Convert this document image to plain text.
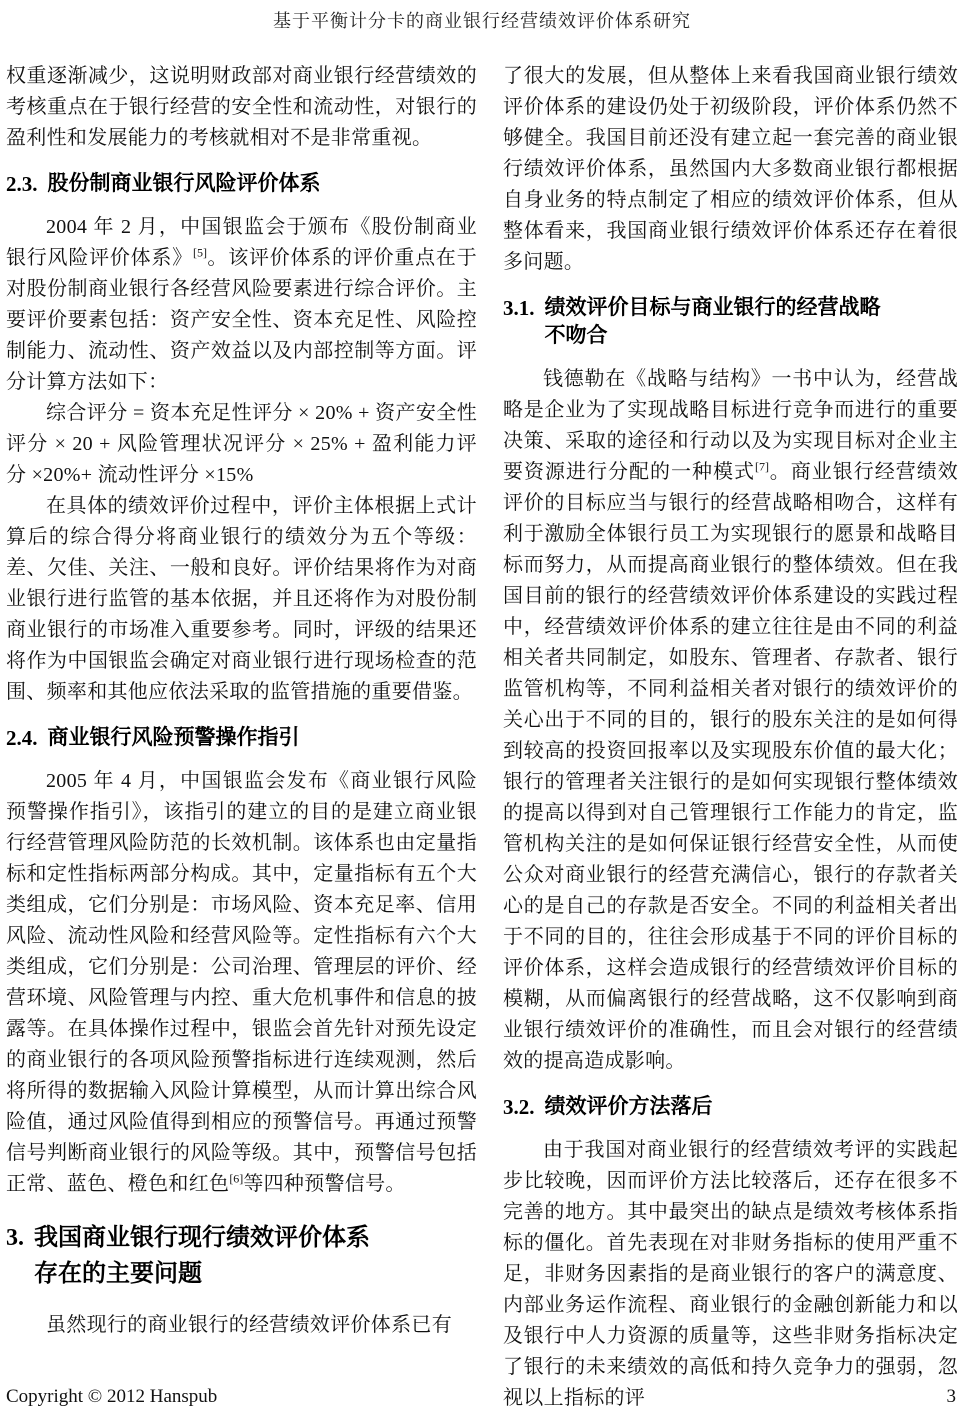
基于平衡计分卡的商业银行经营绩效评价体系研究

权重逐渐减少，这说明财政部对商业银行经营绩效的考核重点在于银行经营的安全性和流动性，对银行的盈利性和发展能力的考核就相对不是非常重视。

2.3. 股份制商业银行风险评价体系

2004 年 2 月，中国银监会于颁布《股份制商业银行风险评价体系》[5]。该评价体系的评价重点在于对股份制商业银行各经营风险要素进行综合评价。主要评价要素包括：资产安全性、资本充足性、风险控制能力、流动性、资产效益以及内部控制等方面。评分计算方法如下：

综合评分 = 资本充足性评分 × 20% + 资产安全性评分 × 20 + 风险管理状况评分 × 25% + 盈利能力评分 ×20%+ 流动性评分 ×15%

在具体的绩效评价过程中，评价主体根据上式计算后的综合得分将商业银行的绩效分为五个等级：差、欠佳、关注、一般和良好。评价结果将作为对商业银行进行监管的基本依据，并且还将作为对股份制商业银行的市场准入重要参考。同时，评级的结果还将作为中国银监会确定对商业银行进行现场检查的范围、频率和其他应依法采取的监管措施的重要借鉴。

2.4. 商业银行风险预警操作指引

2005 年 4 月，中国银监会发布《商业银行风险预警操作指引》，该指引的建立的目的是建立商业银行经营管理风险防范的长效机制。该体系也由定量指标和定性指标两部分构成。其中，定量指标有五个大类组成，它们分别是：市场风险、资本充足率、信用风险、流动性风险和经营风险等。定性指标有六个大类组成，它们分别是：公司治理、管理层的评价、经营环境、风险管理与内控、重大危机事件和信息的披露等。在具体操作过程中，银监会首先针对预先设定的商业银行的各项风险预警指标进行连续观测，然后将所得的数据输入风险计算模型，从而计算出综合风险值，通过风险值得到相应的预警信号。再通过预警信号判断商业银行的风险等级。其中，预警信号包括正常、蓝色、橙色和红色[6]等四种预警信号。

3. 我国商业银行现行绩效评价体系
存在的主要问题

虽然现行的商业银行的经营绩效评价体系已有

了很大的发展，但从整体上来看我国商业银行绩效评价体系的建设仍处于初级阶段，评价体系仍然不够健全。我国目前还没有建立起一套完善的商业银行绩效评价体系，虽然国内大多数商业银行都根据自身业务的特点制定了相应的绩效评价体系，但从整体看来，我国商业银行绩效评价体系还存在着很多问题。

3.1. 绩效评价目标与商业银行的经营战略
不吻合

钱德勒在《战略与结构》一书中认为，经营战略是企业为了实现战略目标进行竞争而进行的重要决策、采取的途径和行动以及为实现目标对企业主要资源进行分配的一种模式[7]。商业银行经营绩效评价的目标应当与银行的经营战略相吻合，这样有利于激励全体银行员工为实现银行的愿景和战略目标而努力，从而提高商业银行的整体绩效。但在我国目前的银行的经营绩效评价体系建设的实践过程中，经营绩效评价体系的建立往往是由不同的利益相关者共同制定，如股东、管理者、存款者、银行监管机构等，不同利益相关者对银行的绩效评价的关心出于不同的目的，银行的股东关注的是如何得到较高的投资回报率以及实现股东价值的最大化；银行的管理者关注银行的是如何实现银行整体绩效的提高以得到对自己管理银行工作能力的肯定，监管机构关注的是如何保证银行经营安全性，从而使公众对商业银行的经营充满信心，银行的存款者关心的是自己的存款是否安全。不同的利益相关者出于不同的目的，往往会形成基于不同的评价目标的评价体系，这样会造成银行的经营绩效评价目标的模糊，从而偏离银行的经营战略，这不仅影响到商业银行绩效评价的准确性，而且会对银行的经营绩效的提高造成影响。

3.2. 绩效评价方法落后

由于我国对商业银行的经营绩效考评的实践起步比较晚，因而评价方法比较落后，还存在很多不完善的地方。其中最突出的缺点是绩效考核体系指标的僵化。首先表现在对非财务指标的使用严重不足，非财务因素指的是商业银行的客户的满意度、内部业务运作流程、商业银行的金融创新能力和以及银行中人力资源的质量等，这些非财务指标决定了银行的未来绩效的高低和持久竞争力的强弱，忽视以上指标的评

Copyright © 2012 Hanspub	3
